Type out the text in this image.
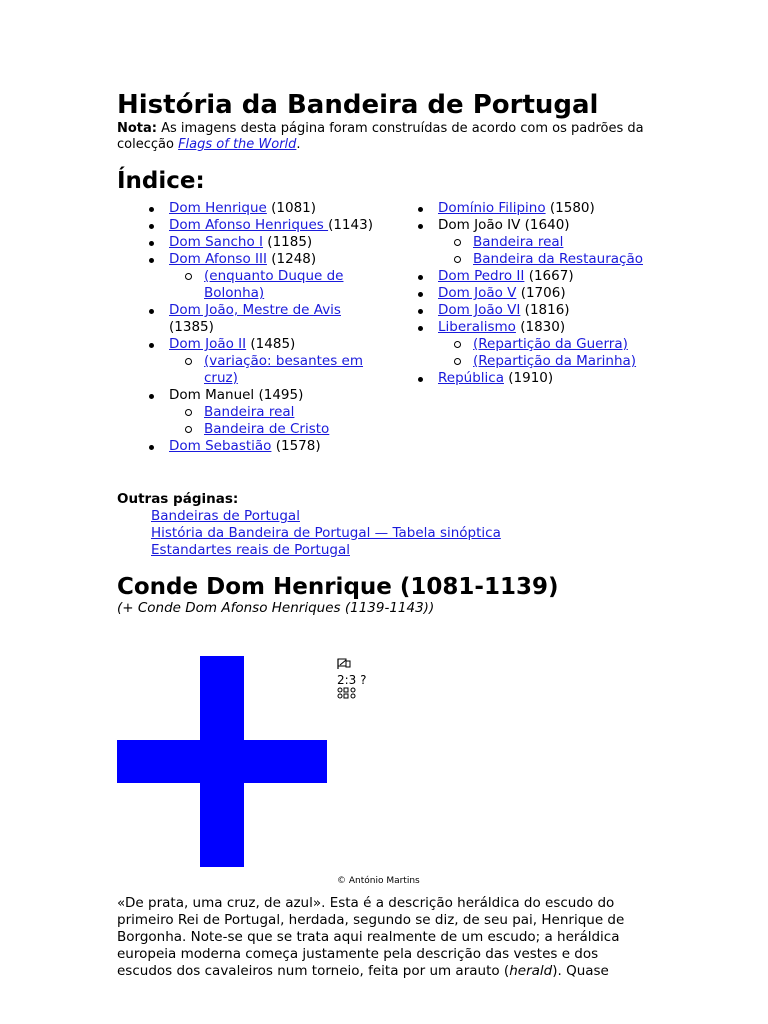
História da Bandeira de Portugal
Nota: As imagens desta página foram construídas de acordo com os padrões da colecção Flags of the World.
Índice:
Dom Henrique (1081)
Dom Afonso Henriques (1143)
Dom Sancho I (1185)
Dom Afonso III (1248)
(enquanto Duque de Bolonha)
Dom João, Mestre de Avis (1385)
Dom João II (1485)
(variação: besantes em cruz)
Dom Manuel (1495)
Bandeira real
Bandeira de Cristo
Dom Sebastião (1578)
Domínio Filipino (1580)
Dom João IV (1640)
Bandeira real
Bandeira da Restauração
Dom Pedro II (1667)
Dom João V (1706)
Dom João VI (1816)
Liberalismo (1830)
(Repartição da Guerra)
(Repartição da Marinha)
República (1910)
Outras páginas:
Bandeiras de Portugal
História da Bandeira de Portugal — Tabela sinóptica
Estandartes reais de Portugal
Conde Dom Henrique (1081-1139)
(+ Conde Dom Afonso Henriques (1139-1143))
2:3 ?
© António Martins
«De prata, uma cruz, de azul». Esta é a descrição heráldica do escudo do primeiro Rei de Portugal, herdada, segundo se diz, de seu pai, Henrique de Borgonha. Note-se que se trata aqui realmente de um escudo; a heráldica europeia moderna começa justamente pela descrição das vestes e dos escudos dos cavaleiros num torneio, feita por um arauto (herald). Quase
